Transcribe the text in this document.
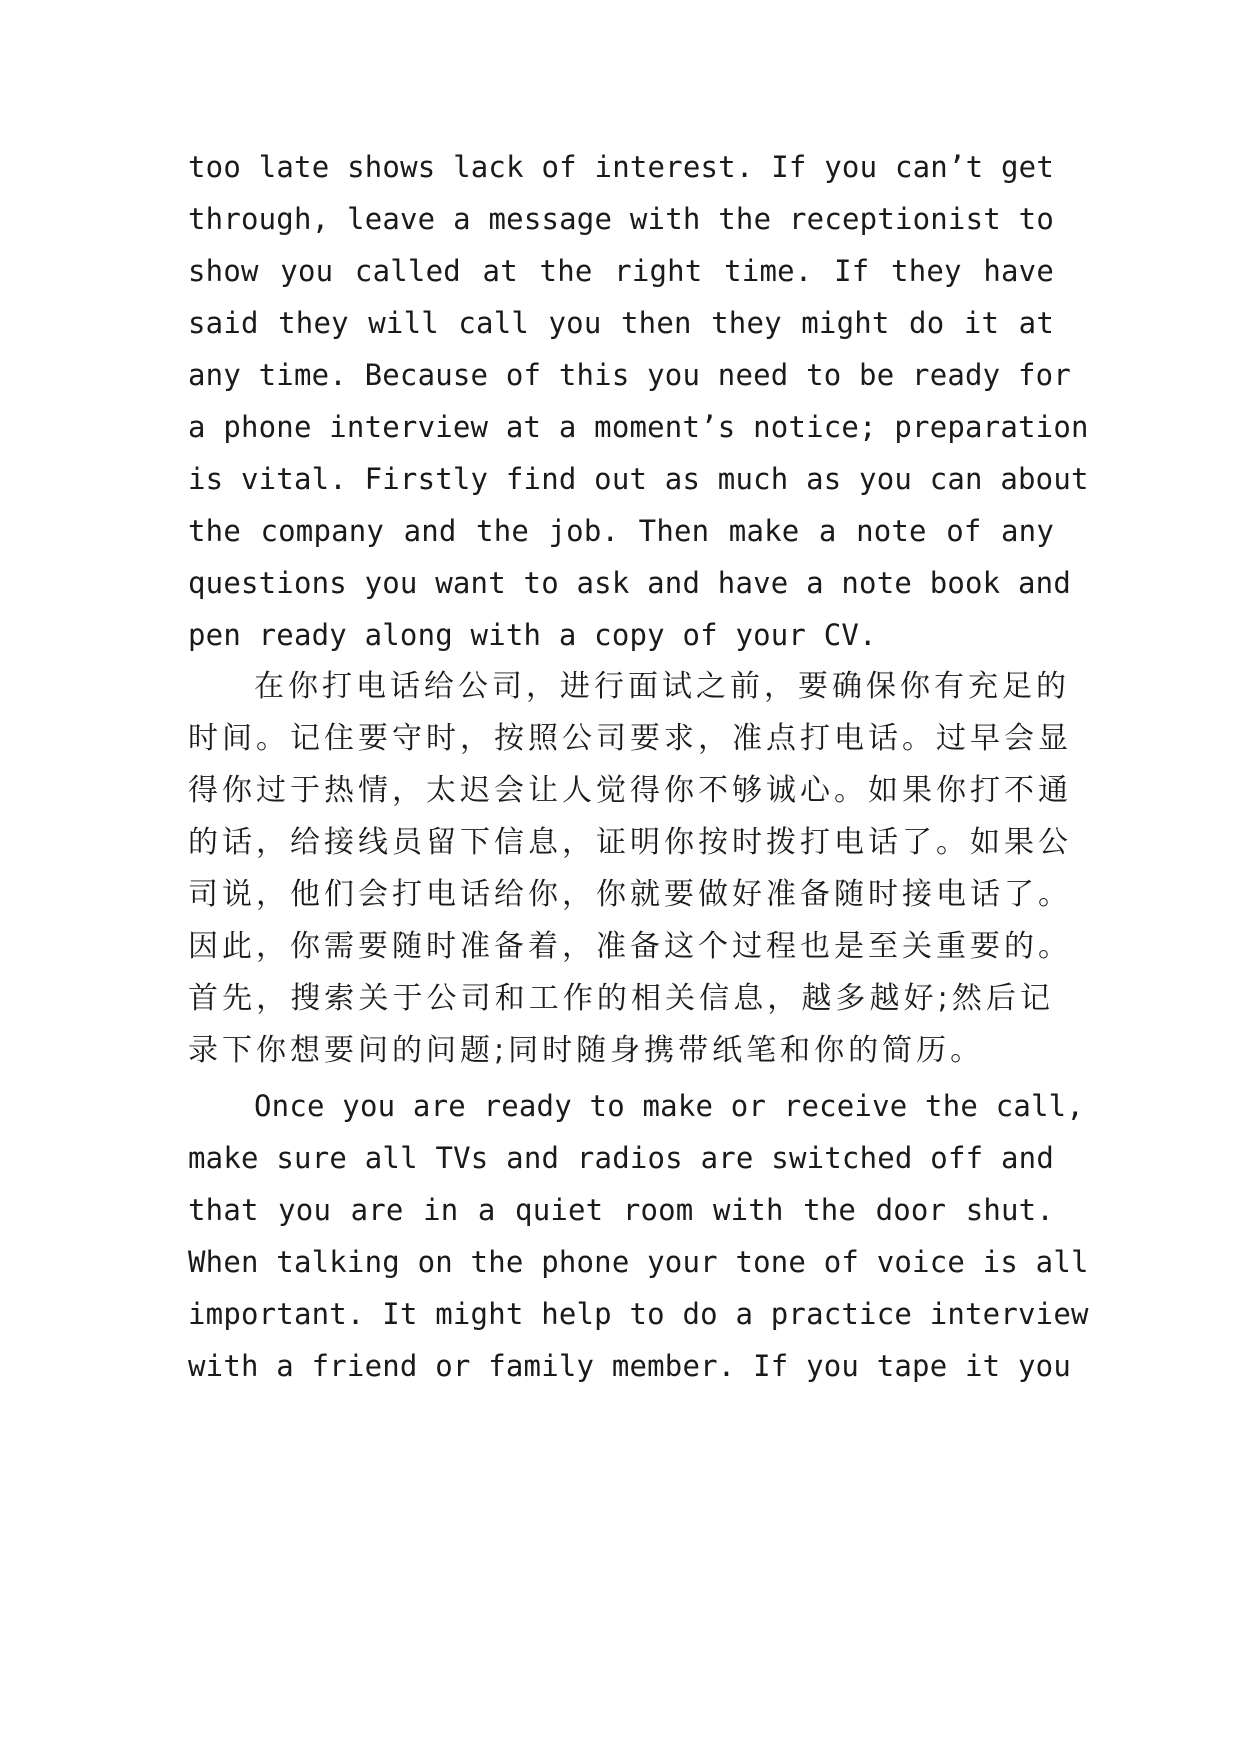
too late shows lack of interest. If you can’t get
through, leave a message with the receptionist to
show you called at the right time. If they have
said they will call you then they might do it at
any time. Because of this you need to be ready for
a phone interview at a moment’s notice; preparation
is vital. Firstly find out as much as you can about
the company and the job. Then make a note of any
questions you want to ask and have a note book and
pen ready along with a copy of your CV.
在你打电话给公司，进行面试之前，要确保你有充足的
时间。记住要守时，按照公司要求，准点打电话。过早会显
得你过于热情，太迟会让人觉得你不够诚心。如果你打不通
的话，给接线员留下信息，证明你按时拨打电话了。如果公
司说，他们会打电话给你，你就要做好准备随时接电话了。
因此，你需要随时准备着，准备这个过程也是至关重要的。
首先，搜索关于公司和工作的相关信息，越多越好;然后记
录下你想要问的问题;同时随身携带纸笔和你的简历。
Once you are ready to make or receive the call,
make sure all TVs and radios are switched off and
that you are in a quiet room with the door shut.
When talking on the phone your tone of voice is all
important. It might help to do a practice interview
with a friend or family member. If you tape it you
